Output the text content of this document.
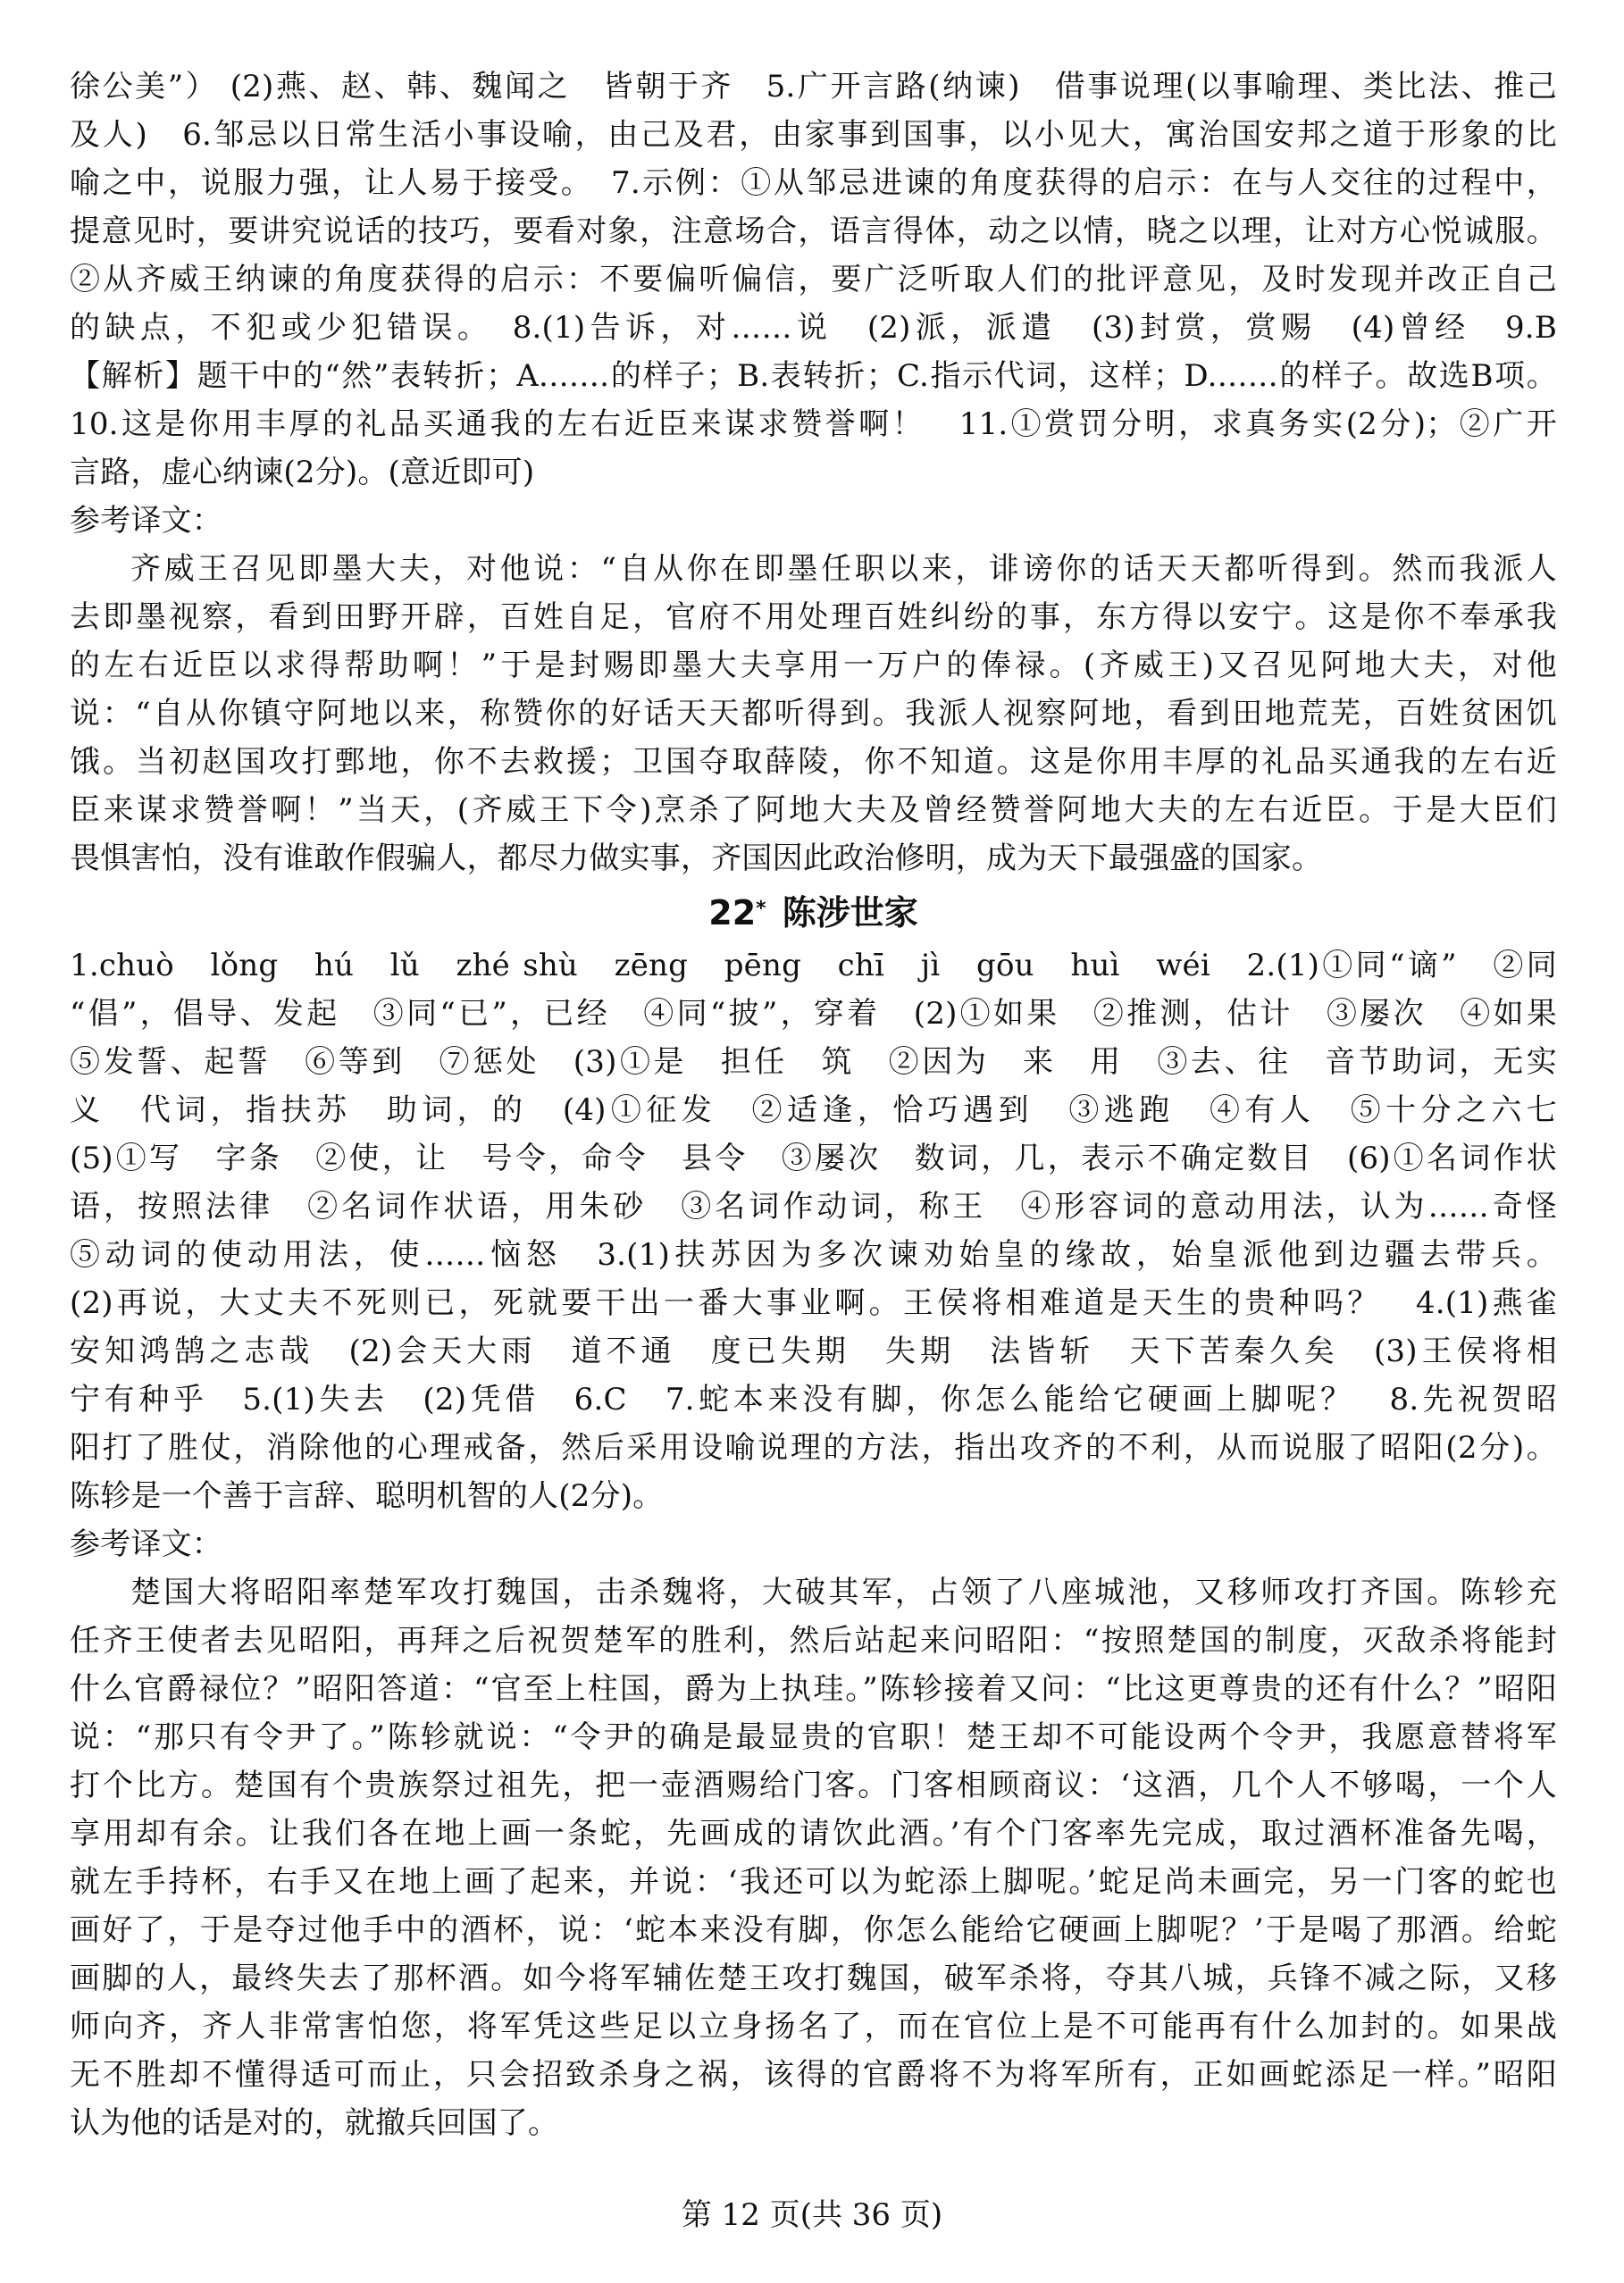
徐公美”） (2)燕、赵、韩、魏闻之　皆朝于齐　5.广开言路(纳谏)　借事说理(以事喻理、类比法、推己
及人)　6.邹忌以日常生活小事设喻，由己及君，由家事到国事，以小见大，寓治国安邦之道于形象的比
喻之中，说服力强，让人易于接受。　7.示例：①从邹忌进谏的角度获得的启示：在与人交往的过程中，
提意见时，要讲究说话的技巧，要看对象，注意场合，语言得体，动之以情，晓之以理，让对方心悦诚服。
②从齐威王纳谏的角度获得的启示：不要偏听偏信，要广泛听取人们的批评意见，及时发现并改正自己
的缺点，不犯或少犯错误。　8.(1)告诉，对……说　(2)派，派遣　(3)封赏，赏赐　(4)曾经　9.B
【解析】题干中的“然”表转折；A.……的样子；B.表转折；C.指示代词，这样；D.……的样子。故选B项。
10.这是你用丰厚的礼品买通我的左右近臣来谋求赞誉啊！　11.①赏罚分明，求真务实(2分)；②广开
言路，虚心纳谏(2分)。(意近即可)
参考译文：
齐威王召见即墨大夫，对他说：“自从你在即墨任职以来，诽谤你的话天天都听得到。然而我派人
去即墨视察，看到田野开辟，百姓自足，官府不用处理百姓纠纷的事，东方得以安宁。这是你不奉承我
的左右近臣以求得帮助啊！”于是封赐即墨大夫享用一万户的俸禄。(齐威王)又召见阿地大夫，对他
说：“自从你镇守阿地以来，称赞你的好话天天都听得到。我派人视察阿地，看到田地荒芜，百姓贫困饥
饿。当初赵国攻打鄄地，你不去救援；卫国夺取薛陵，你不知道。这是你用丰厚的礼品买通我的左右近
臣来谋求赞誉啊！”当天，(齐威王下令)烹杀了阿地大夫及曾经赞誉阿地大夫的左右近臣。于是大臣们
畏惧害怕，没有谁敢作假骗人，都尽力做实事，齐国因此政治修明，成为天下最强盛的国家。
22* 陈涉世家
1.chuò　lǒng　hú　lǔ　zhé shù　zēng　pēng　chī　jì　gōu　huì　wéi　2.(1)①同“谪”　②同
“倡”，倡导、发起　③同“已”，已经　④同“披”，穿着　(2)①如果　②推测，估计　③屡次　④如果
⑤发誓、起誓　⑥等到　⑦惩处　(3)①是　担任　筑　②因为　来　用　③去、往　音节助词，无实
义　代词，指扶苏　助词，的　(4)①征发　②适逢，恰巧遇到　③逃跑　④有人　⑤十分之六七
(5)①写　字条　②使，让　号令，命令　县令　③屡次　数词，几，表示不确定数目　(6)①名词作状
语，按照法律　②名词作状语，用朱砂　③名词作动词，称王　④形容词的意动用法，认为……奇怪
⑤动词的使动用法，使……恼怒　3.(1)扶苏因为多次谏劝始皇的缘故，始皇派他到边疆去带兵。
(2)再说，大丈夫不死则已，死就要干出一番大事业啊。王侯将相难道是天生的贵种吗？　4.(1)燕雀
安知鸿鹄之志哉　(2)会天大雨　道不通　度已失期　失期　法皆斩　天下苦秦久矣　(3)王侯将相
宁有种乎　5.(1)失去　(2)凭借　6.C　7.蛇本来没有脚，你怎么能给它硬画上脚呢？　8.先祝贺昭
阳打了胜仗，消除他的心理戒备，然后采用设喻说理的方法，指出攻齐的不利，从而说服了昭阳(2分)。
陈轸是一个善于言辞、聪明机智的人(2分)。
参考译文：
楚国大将昭阳率楚军攻打魏国，击杀魏将，大破其军，占领了八座城池，又移师攻打齐国。陈轸充
任齐王使者去见昭阳，再拜之后祝贺楚军的胜利，然后站起来问昭阳：“按照楚国的制度，灭敌杀将能封
什么官爵禄位？”昭阳答道：“官至上柱国，爵为上执珪。”陈轸接着又问：“比这更尊贵的还有什么？”昭阳
说：“那只有令尹了。”陈轸就说：“令尹的确是最显贵的官职！楚王却不可能设两个令尹，我愿意替将军
打个比方。楚国有个贵族祭过祖先，把一壶酒赐给门客。门客相顾商议：‘这酒，几个人不够喝，一个人
享用却有余。让我们各在地上画一条蛇，先画成的请饮此酒。’有个门客率先完成，取过酒杯准备先喝，
就左手持杯，右手又在地上画了起来，并说：‘我还可以为蛇添上脚呢。’蛇足尚未画完，另一门客的蛇也
画好了，于是夺过他手中的酒杯，说：‘蛇本来没有脚，你怎么能给它硬画上脚呢？’于是喝了那酒。给蛇
画脚的人，最终失去了那杯酒。如今将军辅佐楚王攻打魏国，破军杀将，夺其八城，兵锋不减之际，又移
师向齐，齐人非常害怕您，将军凭这些足以立身扬名了，而在官位上是不可能再有什么加封的。如果战
无不胜却不懂得适可而止，只会招致杀身之祸，该得的官爵将不为将军所有，正如画蛇添足一样。”昭阳
认为他的话是对的，就撤兵回国了。
第 12 页(共 36 页)
